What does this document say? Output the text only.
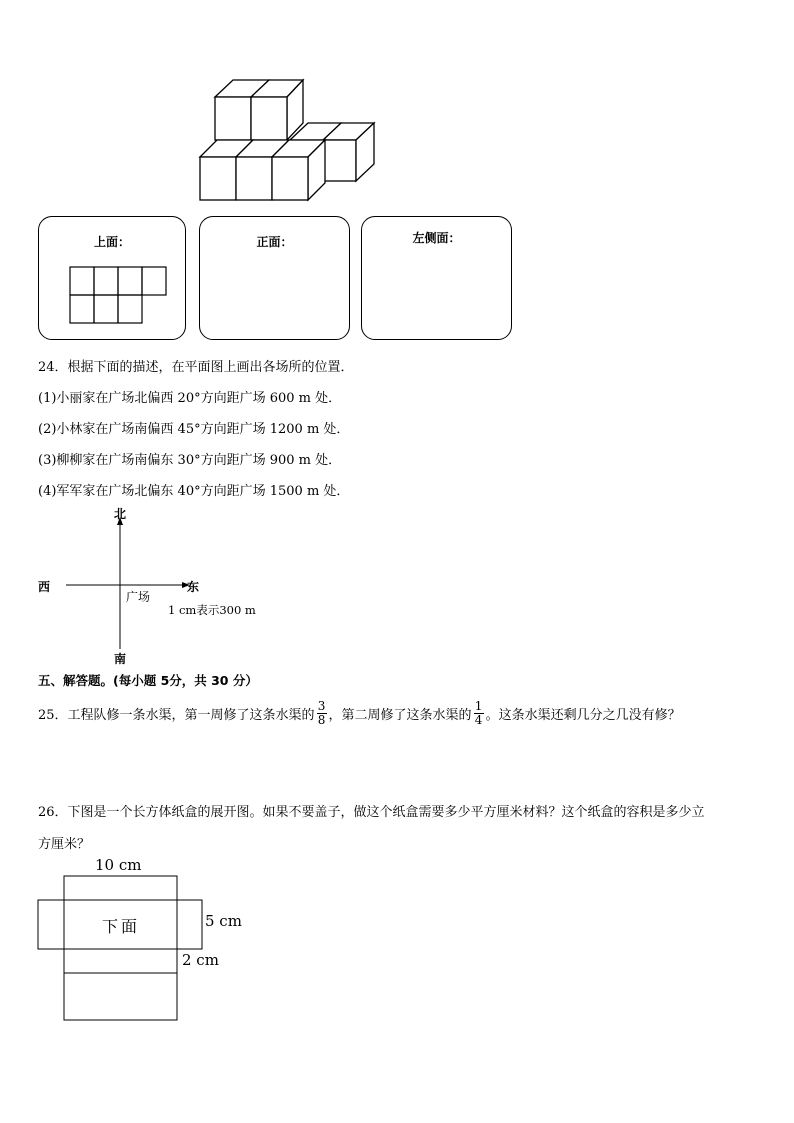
上面：	正面：	左侧面：
24．根据下面的描述，在平面图上画出各场所的位置．
(1)小丽家在广场北偏西 20°方向距广场 600 m 处．
(2)小林家在广场南偏西 45°方向距广场 1200 m 处．
(3)柳柳家在广场南偏东 30°方向距广场 900 m 处．
(4)军军家在广场北偏东 40°方向距广场 1500 m 处．
北
南
西	东
广场
1 cm表示300 m
五、解答题。(每小题 5分，共 30 分）
25．工程队修一条水渠，第一周修了这条水渠的 $\frac{3}{8}$ ，第二周修了这条水渠的 $\frac{1}{4}$ 。这条水渠还剩几分之几没有修？
26．下图是一个长方体纸盒的展开图。如果不要盖子，做这个纸盒需要多少平方厘米材料？这个纸盒的容积是多少立
方厘米？
10 cm
下面	5 cm
2 cm
